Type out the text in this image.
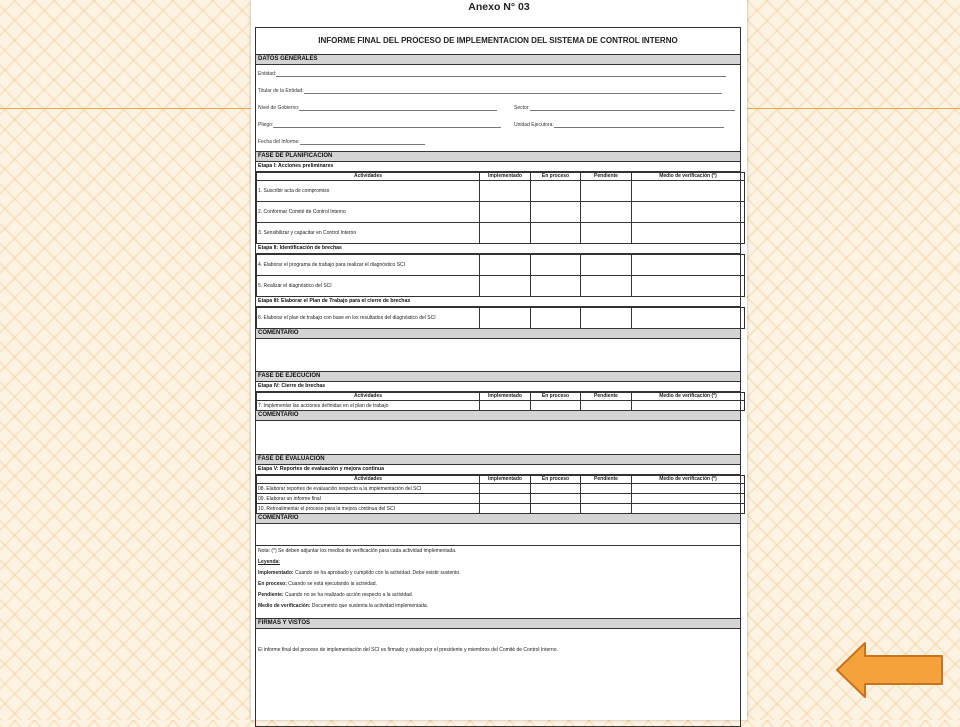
Anexo N° 03
INFORME FINAL DEL PROCESO DE IMPLEMENTACION DEL SISTEMA DE CONTROL INTERNO
DATOS GENERALES
Entidad:
Titular de la Entidad:
Nivel de Gobierno:	Sector:
Pliego:	Unidad Ejecutora:
Fecha del Informe:
FASE DE PLANIFICACIÓN
Etapa I: Acciones preliminares
Actividades	Implementado	En proceso	Pendiente	Medio de verificación (*)
1. Suscribir acta de compromiso				
2. Conformar Comité de Control Interno				
3. Sensibilizar y capacitar en Control Interno				
Etapa II: Identificación de brechas
4. Elaborar el programa de trabajo para realizar el diagnóstico SCI				
5. Realizar el diagnóstico del SCI				
Etapa III: Elaborar el Plan de Trabajo para el cierre de brechas
6. Elaborar el plan de trabajo con base en los resultados del diagnóstico del SCI				
COMENTARIO
FASE DE EJECUCIÓN
Etapa IV: Cierre de brechas
Actividades	Implementado	En proceso	Pendiente	Medio de verificación (*)
7. Implementar las acciones definidas en el plan de trabajo				
COMENTARIO
FASE DE EVALUACIÓN
Etapa V: Reportes de evaluación y mejora continua
Actividades	Implementado	En proceso	Pendiente	Medio de verificación (*)
08. Elaborar reportes de evaluación respecto a la implementación del SCI				
09. Elaborar un informe final				
10. Retroalimentar el proceso para la mejora continua del SCI				
COMENTARIO

Nota: (*) Se deben adjuntar los medios de verificación para cada actividad implementada.

Leyenda:

Implementado: Cuando se ha aprobado y cumplido con la actividad. Debe existir sustento.

En proceso: Cuando se está ejecutando la actividad.

Pendiente: Cuando no se ha realizado acción respecto a la actividad.

Medio de verificación: Documento que sustenta la actividad implementada.

FIRMAS Y VISTOS
El informe final del proceso de implementación del SCI es firmado y visado por el presidente y miembros del Comité de Control Interno.
